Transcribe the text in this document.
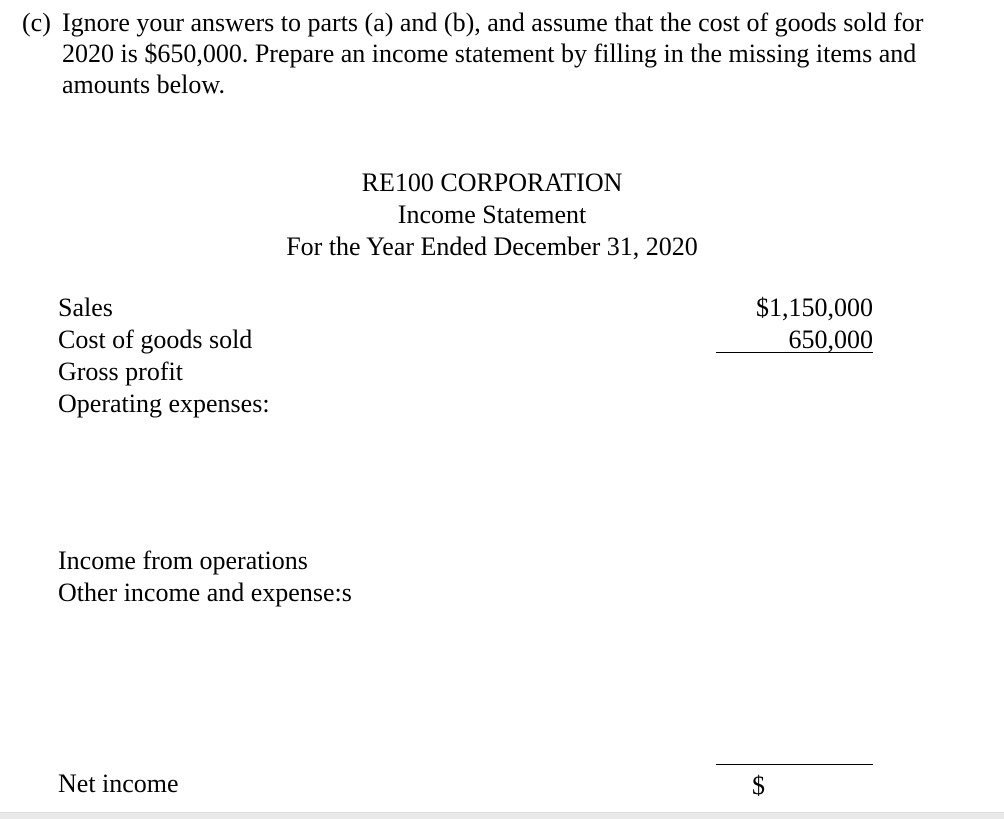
(c) Ignore your answers to parts (a) and (b), and assume that the cost of goods sold for
2020 is $650,000. Prepare an income statement by filling in the missing items and
amounts below.
RE100 CORPORATION
Income Statement
For the Year Ended December 31, 2020
Sales	$1,150,000
Cost of goods sold	650,000
Gross profit
Operating expenses:
Income from operations
Other income and expense:s
Net income	$
